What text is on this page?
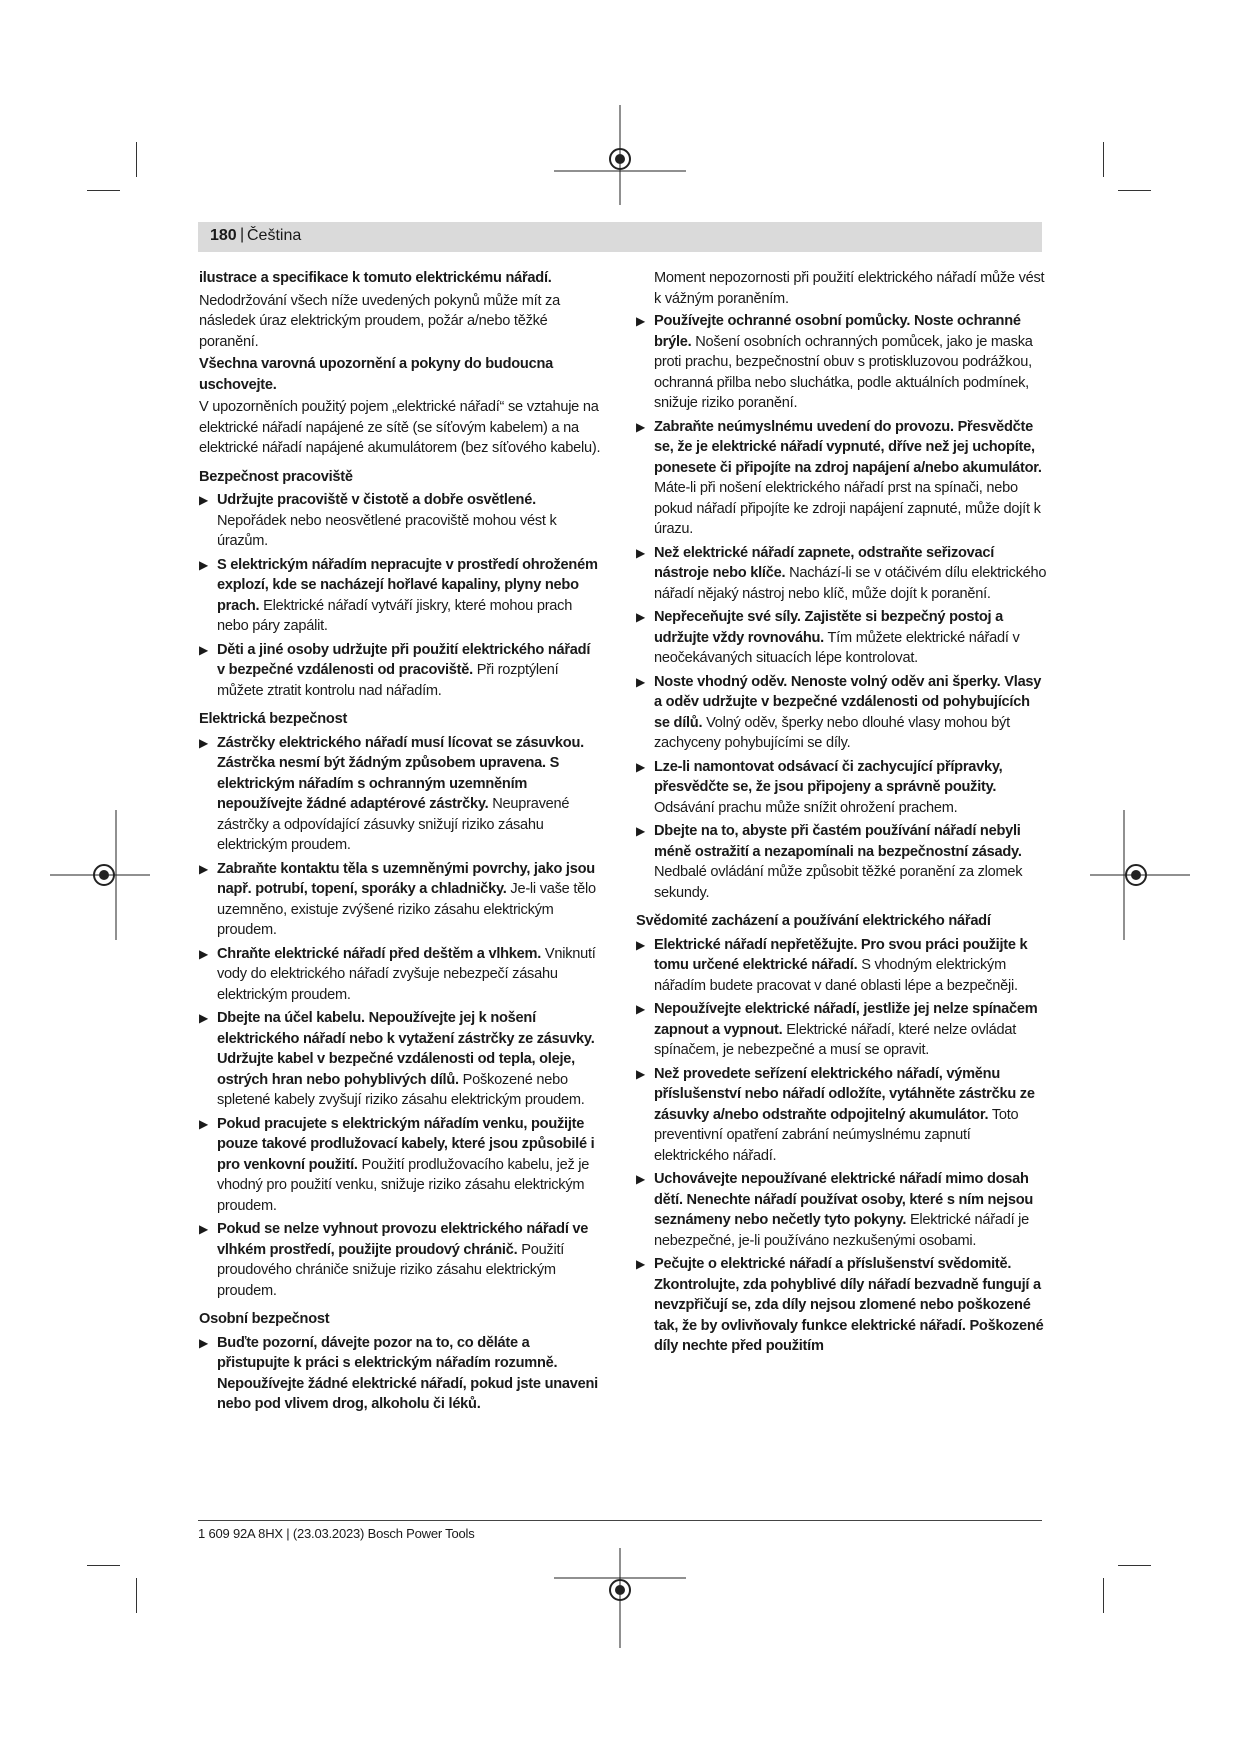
180 | Čeština

ilustrace a specifikace k tomuto elektrickému nářadí.

Nedodržování všech níže uvedených pokynů může mít za následek úraz elektrickým proudem, požár a/nebo těžké poranění.

Všechna varovná upozornění a pokyny do budoucna uschovejte.

V upozorněních použitý pojem „elektrické nářadí“ se vztahuje na elektrické nářadí napájené ze sítě (se síťovým kabelem) a na elektrické nářadí napájené akumulátorem (bez síťového kabelu).

Bezpečnost pracoviště

▶ Udržujte pracoviště v čistotě a dobře osvětlené. Nepořádek nebo neosvětlené pracoviště mohou vést k úrazům.
▶ S elektrickým nářadím nepracujte v prostředí ohroženém explozí, kde se nacházejí hořlavé kapaliny, plyny nebo prach. Elektrické nářadí vytváří jiskry, které mohou prach nebo páry zapálit.
▶ Děti a jiné osoby udržujte při použití elektrického nářadí v bezpečné vzdálenosti od pracoviště. Při rozptýlení můžete ztratit kontrolu nad nářadím.

Elektrická bezpečnost

▶ Zástrčky elektrického nářadí musí lícovat se zásuvkou. Zástrčka nesmí být žádným způsobem upravena. S elektrickým nářadím s ochranným uzemněním nepoužívejte žádné adaptérové zástrčky. Neupravené zástrčky a odpovídající zásuvky snižují riziko zásahu elektrickým proudem.
▶ Zabraňte kontaktu těla s uzemněnými povrchy, jako jsou např. potrubí, topení, sporáky a chladničky. Je-li vaše tělo uzemněno, existuje zvýšené riziko zásahu elektrickým proudem.
▶ Chraňte elektrické nářadí před deštěm a vlhkem. Vniknutí vody do elektrického nářadí zvyšuje nebezpečí zásahu elektrickým proudem.
▶ Dbejte na účel kabelu. Nepoužívejte jej k nošení elektrického nářadí nebo k vytažení zástrčky ze zásuvky. Udržujte kabel v bezpečné vzdálenosti od tepla, oleje, ostrých hran nebo pohyblivých dílů. Poškozené nebo spletené kabely zvyšují riziko zásahu elektrickým proudem.
▶ Pokud pracujete s elektrickým nářadím venku, použijte pouze takové prodlužovací kabely, které jsou způsobilé i pro venkovní použití. Použití prodlužovacího kabelu, jež je vhodný pro použití venku, snižuje riziko zásahu elektrickým proudem.
▶ Pokud se nelze vyhnout provozu elektrického nářadí ve vlhkém prostředí, použijte proudový chránič. Použití proudového chrániče snižuje riziko zásahu elektrickým proudem.

Osobní bezpečnost

▶ Buďte pozorní, dávejte pozor na to, co děláte a přistupujte k práci s elektrickým nářadím rozumně. Nepoužívejte žádné elektrické nářadí, pokud jste unaveni nebo pod vlivem drog, alkoholu či léků.

Moment nepozornosti při použití elektrického nářadí může vést k vážným poraněním.

▶ Používejte ochranné osobní pomůcky. Noste ochranné brýle. Nošení osobních ochranných pomůcek, jako je maska proti prachu, bezpečnostní obuv s protiskluzovou podrážkou, ochranná přilba nebo sluchátka, podle aktuálních podmínek, snižuje riziko poranění.
▶ Zabraňte neúmyslnému uvedení do provozu. Přesvědčte se, že je elektrické nářadí vypnuté, dříve než jej uchopíte, ponesete či připojíte na zdroj napájení a/nebo akumulátor. Máte-li při nošení elektrického nářadí prst na spínači, nebo pokud nářadí připojíte ke zdroji napájení zapnuté, může dojít k úrazu.
▶ Než elektrické nářadí zapnete, odstraňte seřizovací nástroje nebo klíče. Nachází-li se v otáčivém dílu elektrického nářadí nějaký nástroj nebo klíč, může dojít k poranění.
▶ Nepřeceňujte své síly. Zajistěte si bezpečný postoj a udržujte vždy rovnováhu. Tím můžete elektrické nářadí v neočekávaných situacích lépe kontrolovat.
▶ Noste vhodný oděv. Nenoste volný oděv ani šperky. Vlasy a oděv udržujte v bezpečné vzdálenosti od pohybujících se dílů. Volný oděv, šperky nebo dlouhé vlasy mohou být zachyceny pohybujícími se díly.
▶ Lze-li namontovat odsávací či zachycující přípravky, přesvědčte se, že jsou připojeny a správně použity. Odsávání prachu může snížit ohrožení prachem.
▶ Dbejte na to, abyste při častém používání nářadí nebyli méně ostražití a nezapomínali na bezpečnostní zásady. Nedbalé ovládání může způsobit těžké poranění za zlomek sekundy.

Svědomité zacházení a používání elektrického nářadí

▶ Elektrické nářadí nepřetěžujte. Pro svou práci použijte k tomu určené elektrické nářadí. S vhodným elektrickým nářadím budete pracovat v dané oblasti lépe a bezpečněji.
▶ Nepoužívejte elektrické nářadí, jestliže jej nelze spínačem zapnout a vypnout. Elektrické nářadí, které nelze ovládat spínačem, je nebezpečné a musí se opravit.
▶ Než provedete seřízení elektrického nářadí, výměnu příslušenství nebo nářadí odložíte, vytáhněte zástrčku ze zásuvky a/nebo odstraňte odpojitelný akumulátor. Toto preventivní opatření zabrání neúmyslnému zapnutí elektrického nářadí.
▶ Uchovávejte nepoužívané elektrické nářadí mimo dosah dětí. Nenechte nářadí používat osoby, které s ním nejsou seznámeny nebo nečetly tyto pokyny. Elektrické nářadí je nebezpečné, je-li používáno nezkušenými osobami.
▶ Pečujte o elektrické nářadí a příslušenství svědomitě. Zkontrolujte, zda pohyblivé díly nářadí bezvadně fungují a nevzpřičují se, zda díly nejsou zlomené nebo poškozené tak, že by ovlivňovaly funkce elektrické nářadí. Poškozené díly nechte před použitím
1 609 92A 8HX | (23.03.2023) Bosch Power Tools
